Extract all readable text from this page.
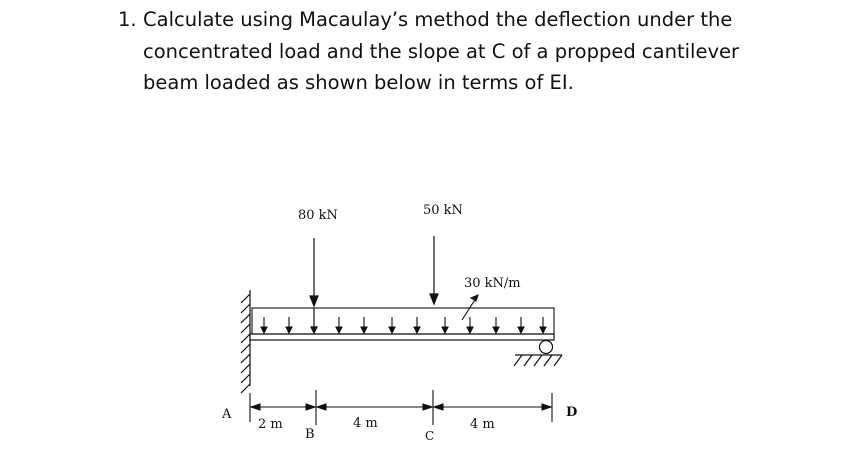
1. Calculate using Macaulay’s method the deflection under the
concentrated load and the slope at C of a propped cantilever
beam loaded as shown below in terms of EI.
80 kN	50 kN
30 kN/m
A
B	C
D
2 m	4 m	4 m
